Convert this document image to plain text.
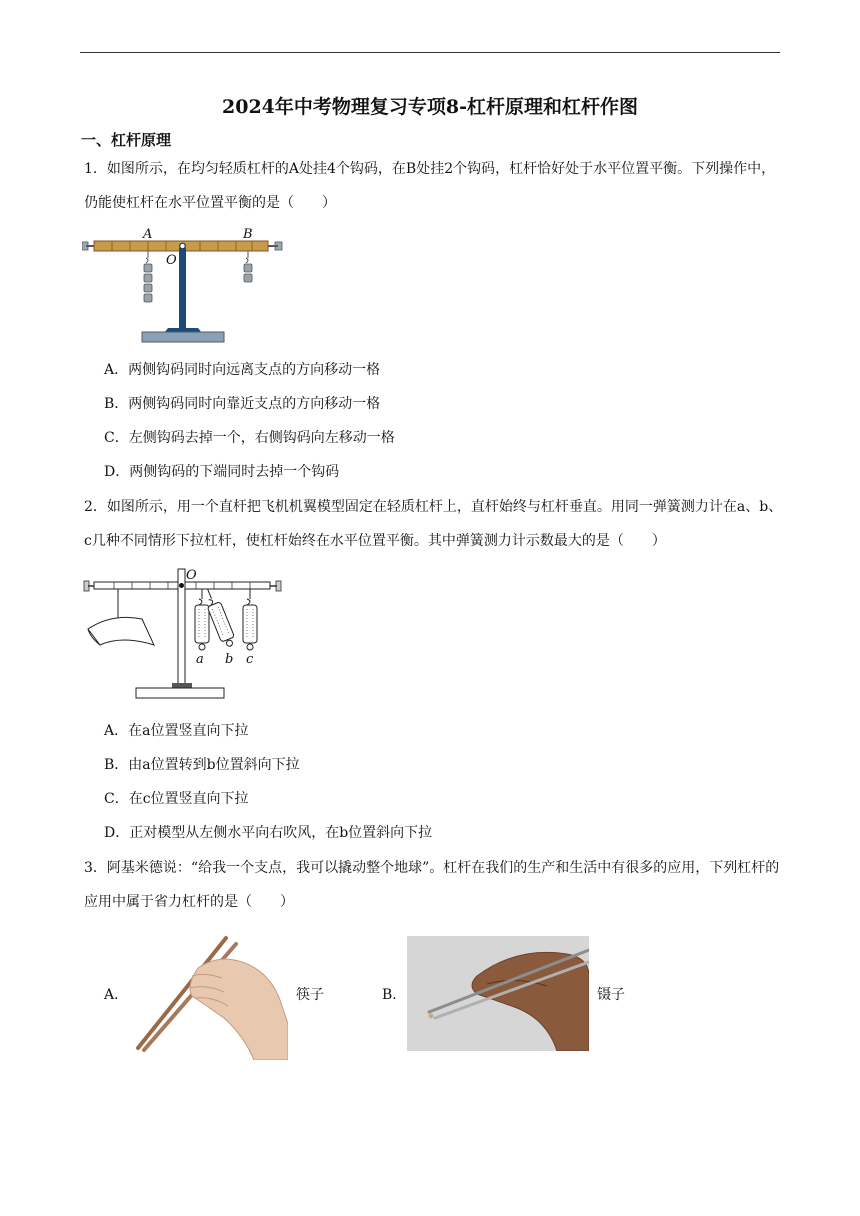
2024年中考物理复习专项8-杠杆原理和杠杆作图
一、杠杆原理

1．如图所示，在均匀轻质杠杆的A处挂4个钩码，在B处挂2个钩码，杠杆恰好处于水平位置平衡。下列操作中，仍能使杠杆在水平位置平衡的是（　　）

A	B
O

A．两侧钩码同时向远离支点的方向移动一格

B．两侧钩码同时向靠近支点的方向移动一格

C．左侧钩码去掉一个，右侧钩码向左移动一格

D．两侧钩码的下端同时去掉一个钩码

2．如图所示，用一个直杆把飞机机翼模型固定在轻质杠杆上，直杆始终与杠杆垂直。用同一弹簧测力计在a、b、c几种不同情形下拉杠杆，使杠杆始终在水平位置平衡。其中弹簧测力计示数最大的是（　　）

O
a b c

A．在a位置竖直向下拉

B．由a位置转到b位置斜向下拉

C．在c位置竖直向下拉

D．正对模型从左侧水平向右吹风，在b位置斜向下拉

3．阿基米德说：“给我一个支点，我可以撬动整个地球”。杠杆在我们的生产和生活中有很多的应用，下列杠杆的应用中属于省力杠杆的是（　　）

A．	筷子	B．	镊子
